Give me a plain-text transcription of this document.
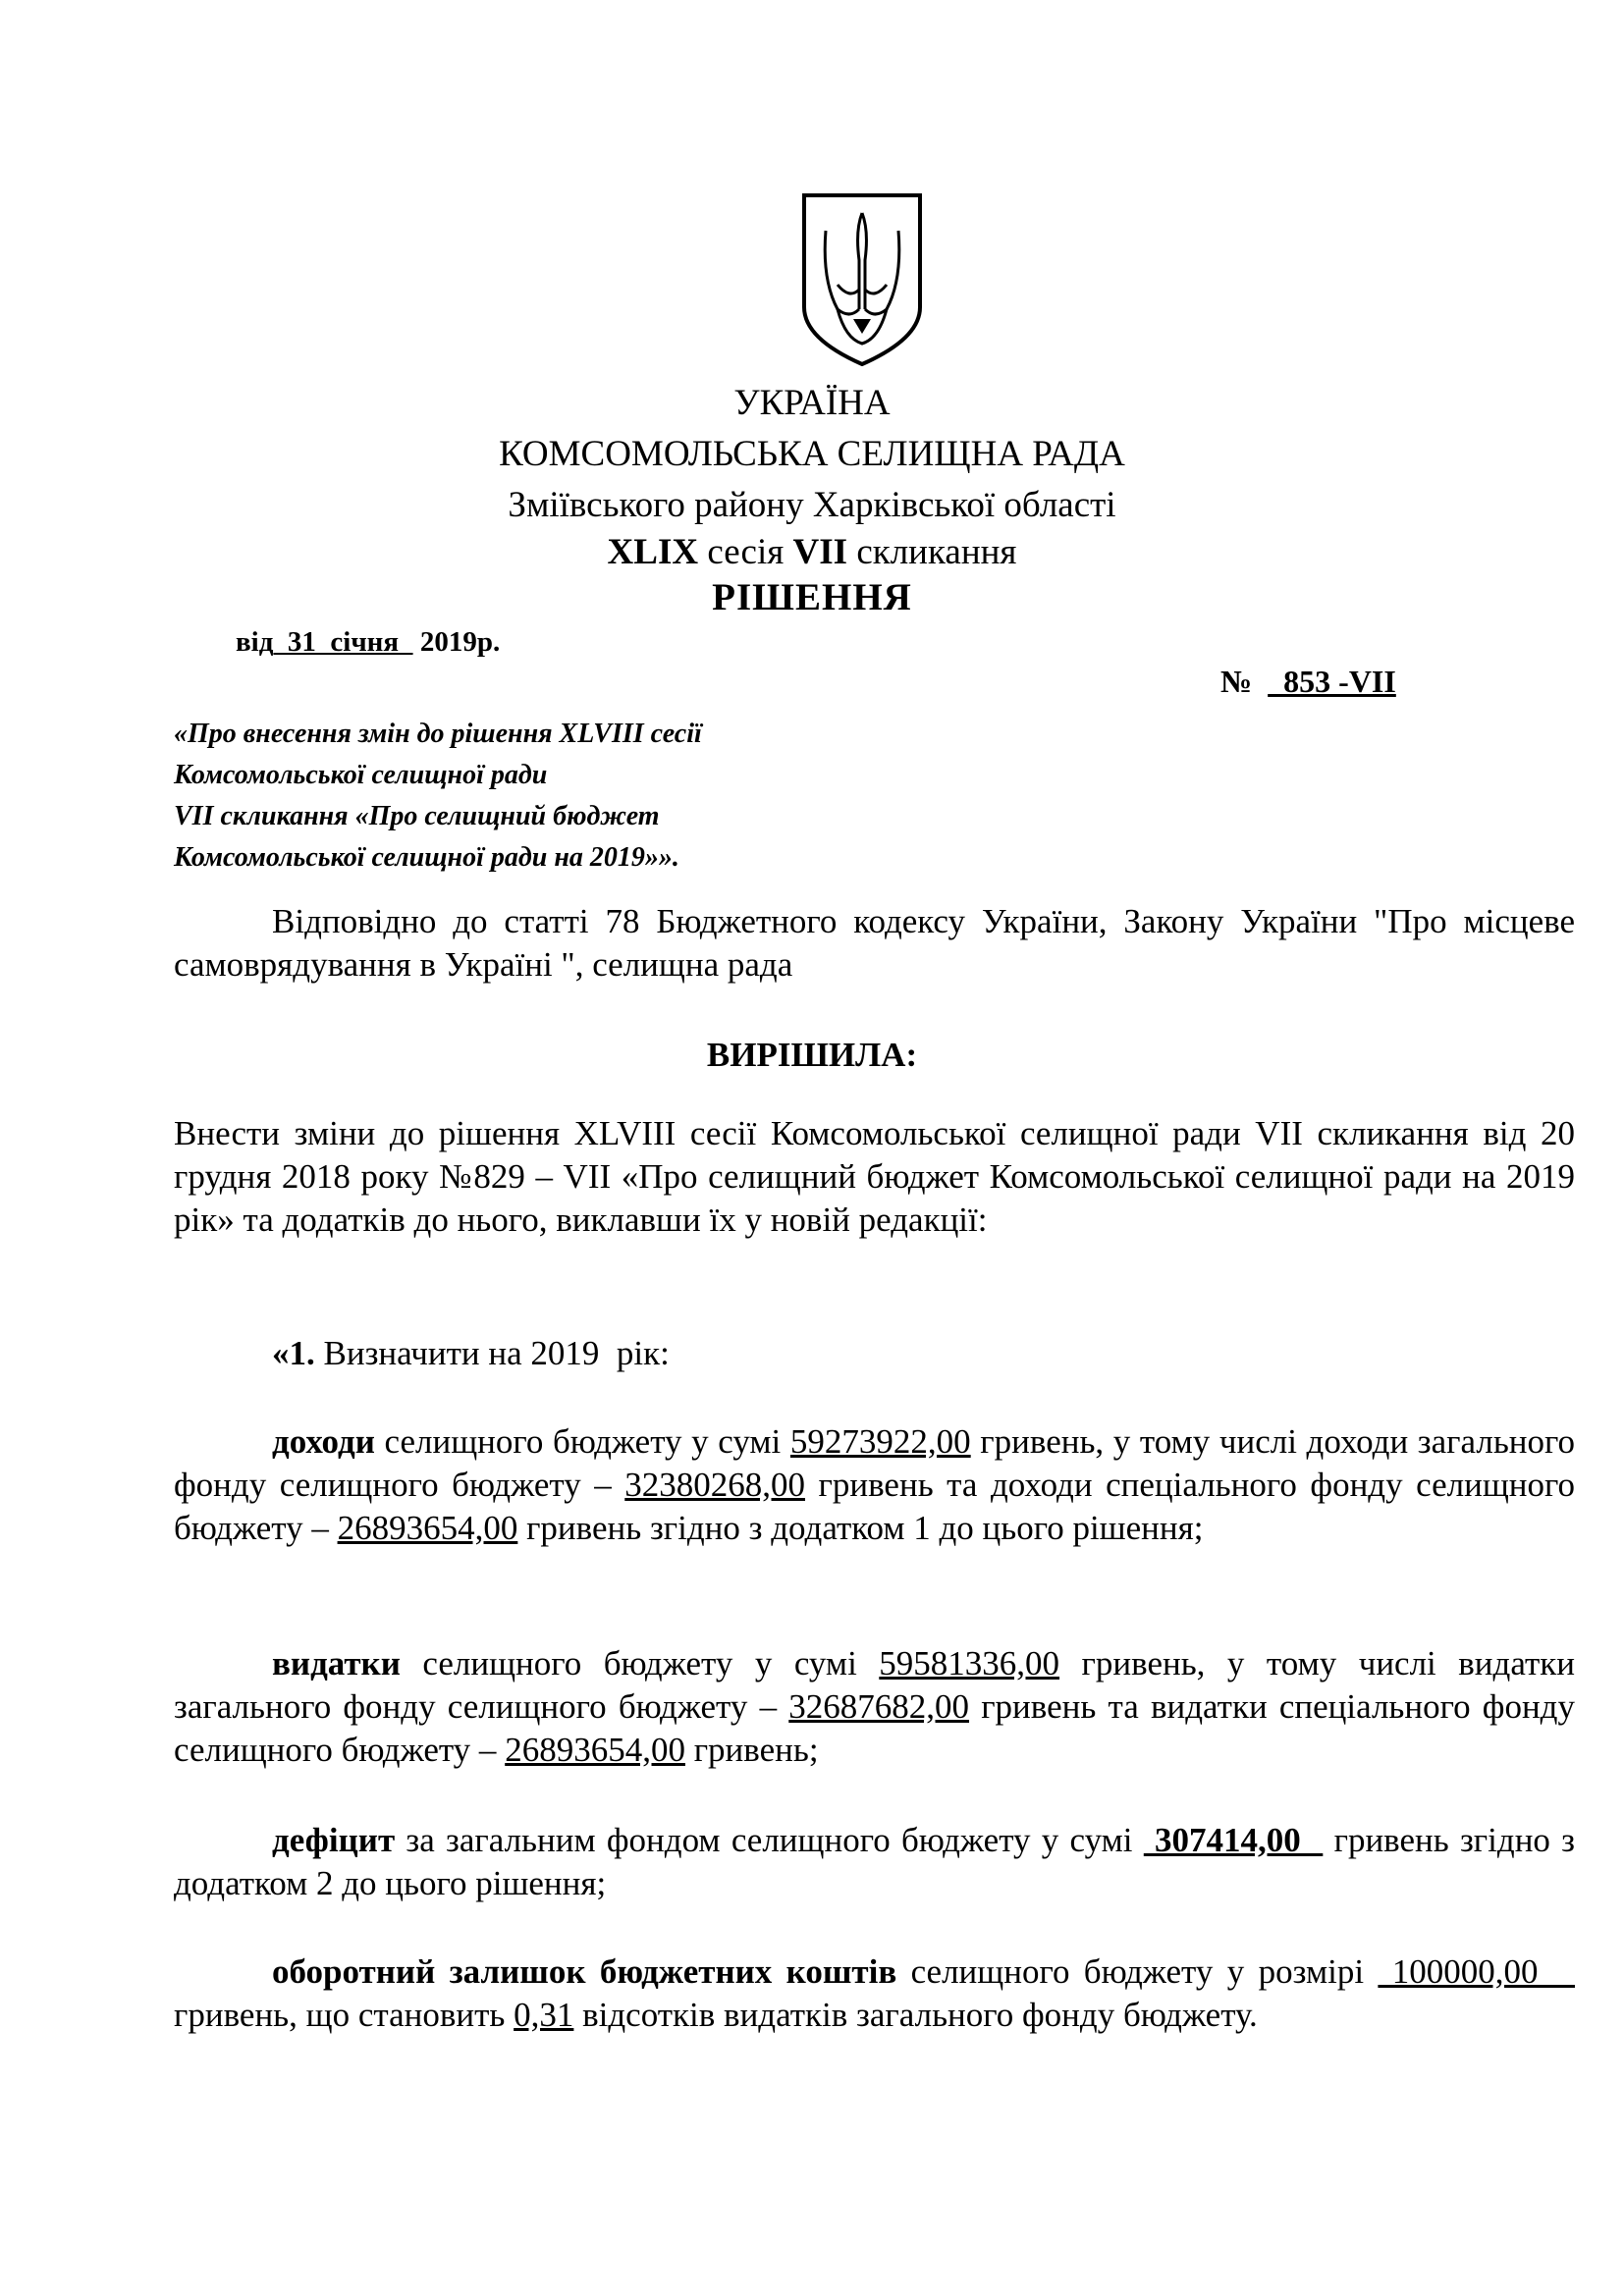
УКРАЇНА
КОМСОМОЛЬСЬКА СЕЛИЩНА РАДА
Зміївського району Харківської області
XLIX сесія VII скликання
РІШЕННЯ
від  31  січня   2019р.
№    853 -VII
«Про внесення змін до рішення XLVIII сесії
Комсомольської селищної ради
VII скликання «Про селищний бюджет
Комсомольської селищної ради на 2019»».
Відповідно до статті 78 Бюджетного кодексу України, Закону України "Про місцеве самоврядування в Україні ", селищна рада
ВИРІШИЛА:
Внести зміни до рішення XLVIII сесії Комсомольської селищної ради VII скликання від 20 грудня 2018 року №829 – VII «Про селищний бюджет Комсомольської селищної ради на 2019 рік» та додатків до нього, виклавши їх у новій редакції:
«1. Визначити на 2019  рік:
доходи селищного бюджету у сумі 59273922,00 гривень, у тому числі доходи загального фонду селищного бюджету – 32380268,00 гривень та доходи спеціального фонду селищного бюджету – 26893654,00 гривень згідно з додатком 1 до цього рішення;
видатки селищного бюджету у сумі 59581336,00 гривень, у тому числі видатки загального фонду селищного бюджету – 32687682,00 гривень та видатки спеціального фонду селищного бюджету – 26893654,00 гривень;
дефіцит за загальним фондом селищного бюджету у сумі  307414,00   гривень згідно з додатком 2 до цього рішення;
оборотний залишок бюджетних коштів селищного бюджету у розмірі  100000,00    гривень, що становить 0,31 відсотків видатків загального фонду бюджету.
